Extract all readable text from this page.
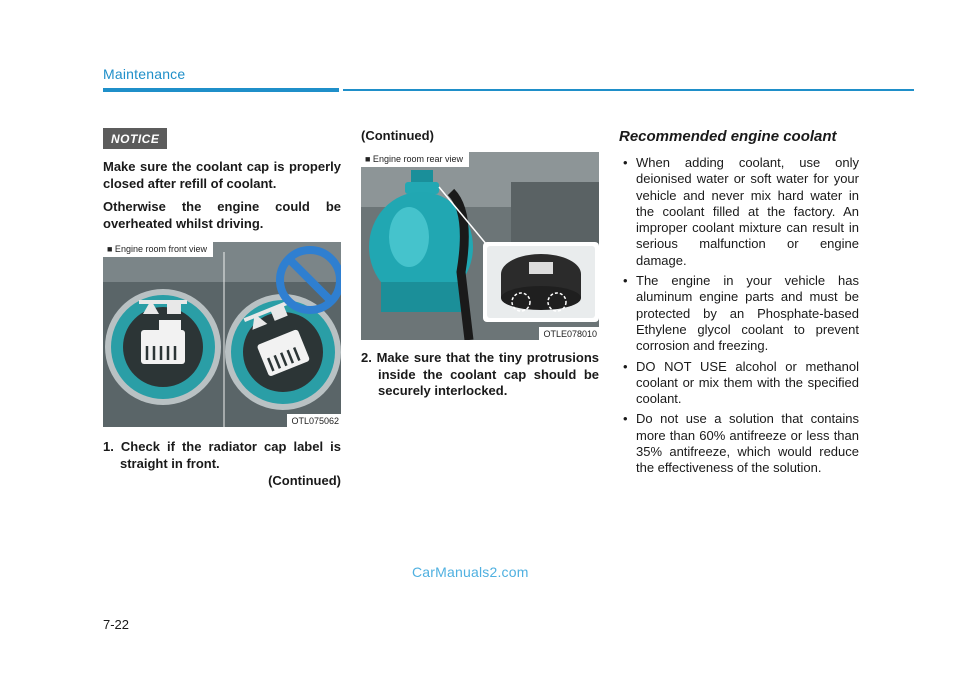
Maintenance
NOTICE

Make sure the coolant cap is properly closed after refill of coolant.

Otherwise the engine could be overheated whilst driving.

■ Engine room front view
OTL075062

1. Check if the radiator cap label is straight in front.

(Continued)
(Continued)
■ Engine room rear view
OTLE078010

2. Make sure that the tiny protrusions inside the coolant cap should be securely interlocked.

Recommended engine coolant
• When adding coolant, use only deionised water or soft water for your vehicle and never mix hard water in the coolant filled at the factory. An improper coolant mixture can result in serious malfunction or engine damage.
• The engine in your vehicle has aluminum engine parts and must be protected by an Phosphate-based Ethylene glycol coolant to prevent corrosion and freezing.
• DO NOT USE alcohol or methanol coolant or mix them with the specified coolant.
• Do not use a solution that contains more than 60% antifreeze or less than 35% antifreeze, which would reduce the effectiveness of the solution.
CarManuals2.com
7-22
